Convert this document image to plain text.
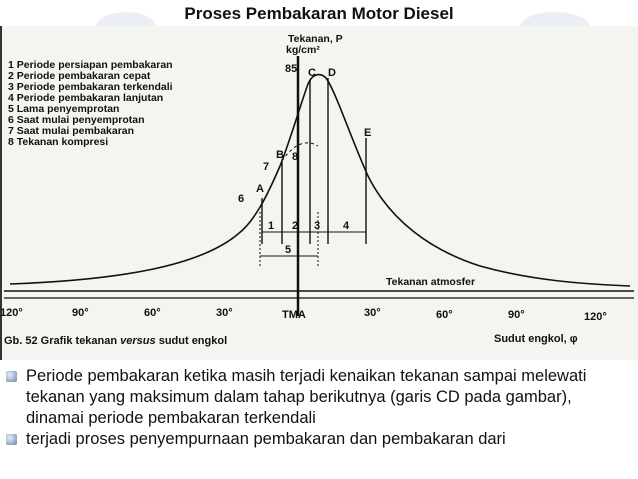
Proses Pembakaran Motor Diesel
1 Periode persiapan pembakaran
2 Periode pembakaran cepat
3 Periode pembakaran terkendali
4 Periode pembakaran lanjutan
5 Lama penyemprotan
6 Saat mulai penyemprotan
7 Saat mulai pembakaran
8 Tekanan kompresi
Tekanan, P
kg/cm²
85
Tekanan atmosfer
1 2 3 4
5
A
B
C D
E
6
7
8
120°	90°	60°	30°	TMA	30°	60°	90°	120°
Gb. 52 Grafik tekanan versus sudut engkol	Sudut engkol, φ
Periode pembakaran ketika masih terjadi kenaikan tekanan sampai melewati tekanan yang maksimum dalam tahap berikutnya (garis CD pada gambar), dinamai periode pembakaran terkendali
terjadi proses penyempurnaan pembakaran dan pembakaran dari
